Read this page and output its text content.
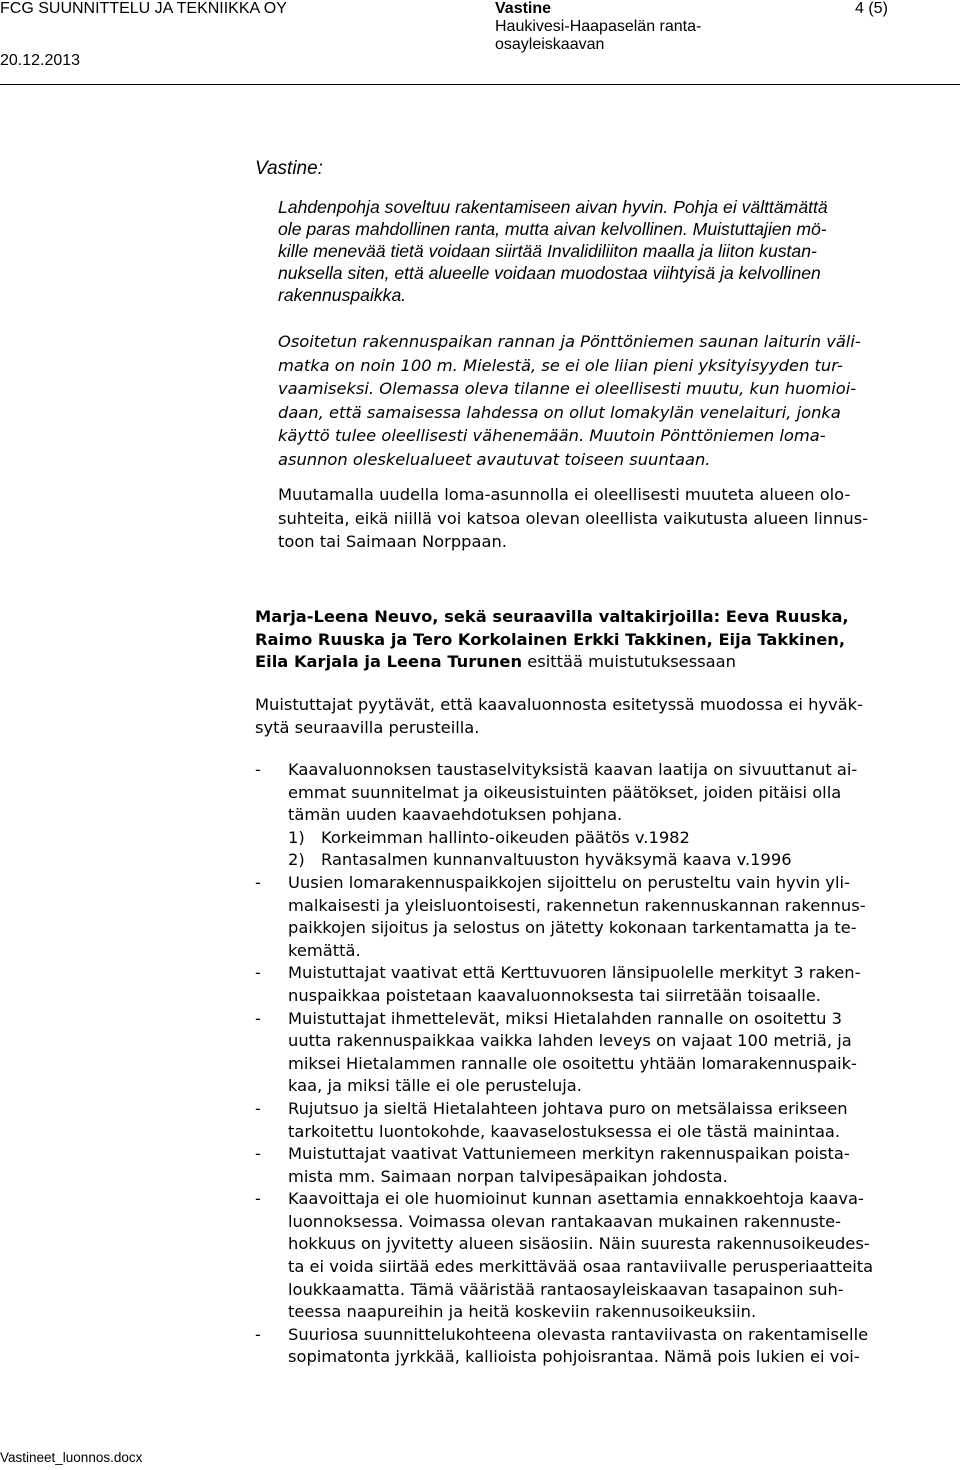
FCG SUUNNITTELU JA TEKNIIKKA OY
20.12.2013
Vastine
Haukivesi-Haapaselän ranta-
osayleiskaavan
4 (5)
Vastine:
Lahdenpohja soveltuu rakentamiseen aivan hyvin. Pohja ei välttämättä
ole paras mahdollinen ranta, mutta aivan kelvollinen. Muistuttajien mö-
kille menevää tietä voidaan siirtää Invalidiliiton maalla ja liiton kustan-
nuksella siten, että alueelle voidaan muodostaa viihtyisä ja kelvollinen
rakennuspaikka.
Osoitetun rakennuspaikan rannan ja Pönttöniemen saunan laiturin väli-
matka on noin 100 m. Mielestä, se ei ole liian pieni yksityisyyden tur-
vaamiseksi. Olemassa oleva tilanne ei oleellisesti muutu, kun huomioi-
daan, että samaisessa lahdessa on ollut lomakylän venelaituri, jonka
käyttö tulee oleellisesti vähenemään. Muutoin Pönttöniemen loma-
asunnon oleskelualueet avautuvat toiseen suuntaan.
Muutamalla uudella loma-asunnolla ei oleellisesti muuteta alueen olo-
suhteita, eikä niillä voi katsoa olevan oleellista vaikutusta alueen linnus-
toon tai Saimaan Norppaan.
Marja-Leena Neuvo, sekä seuraavilla valtakirjoilla: Eeva Ruuska,
Raimo Ruuska ja Tero Korkolainen Erkki Takkinen, Eija Takkinen,
Eila Karjala ja Leena Turunen esittää muistutuksessaan
Muistuttajat pyytävät, että kaavaluonnosta esitetyssä muodossa ei hyväk-
sytä seuraavilla perusteilla.
- Kaavaluonnoksen taustaselvityksistä kaavan laatija on sivuuttanut ai-
emmat suunnitelmat ja oikeusistuinten päätökset, joiden pitäisi olla
tämän uuden kaavaehdotuksen pohjana.
1) Korkeimman hallinto-oikeuden päätös v.1982
2) Rantasalmen kunnanvaltuuston hyväksymä kaava v.1996
- Uusien lomarakennuspaikkojen sijoittelu on perusteltu vain hyvin yli-
malkaisesti ja yleisluontoisesti, rakennetun rakennuskannan rakennus-
paikkojen sijoitus ja selostus on jätetty kokonaan tarkentamatta ja te-
kemättä.
- Muistuttajat vaativat että Kerttuvuoren länsipuolelle merkityt 3 raken-
nuspaikkaa poistetaan kaavaluonnoksesta tai siirretään toisaalle.
- Muistuttajat ihmettelevät, miksi Hietalahden rannalle on osoitettu 3
uutta rakennuspaikkaa vaikka lahden leveys on vajaat 100 metriä, ja
miksei Hietalammen rannalle ole osoitettu yhtään lomarakennuspaik-
kaa, ja miksi tälle ei ole perusteluja.
- Rujutsuo ja sieltä Hietalahteen johtava puro on metsälaissa erikseen
tarkoitettu luontokohde, kaavaselostuksessa ei ole tästä mainintaa.
- Muistuttajat vaativat Vattuniemeen merkityn rakennuspaikan poista-
mista mm. Saimaan norpan talvipesäpaikan johdosta.
- Kaavoittaja ei ole huomioinut kunnan asettamia ennakkoehtoja kaava-
luonnoksessa. Voimassa olevan rantakaavan mukainen rakennuste-
hokkuus on jyvitetty alueen sisäosiin. Näin suuresta rakennusoikeudes-
ta ei voida siirtää edes merkittävää osaa rantaviivalle perusperiaatteita
loukkaamatta. Tämä vääristää rantaosayleiskaavan tasapainon suh-
teessa naapureihin ja heitä koskeviin rakennusoikeuksiin.
- Suuriosa suunnittelukohteena olevasta rantaviivasta on rakentamiselle
sopimatonta jyrkkää, kallioista pohjoisrantaa. Nämä pois lukien ei voi-
Vastineet_luonnos.docx
